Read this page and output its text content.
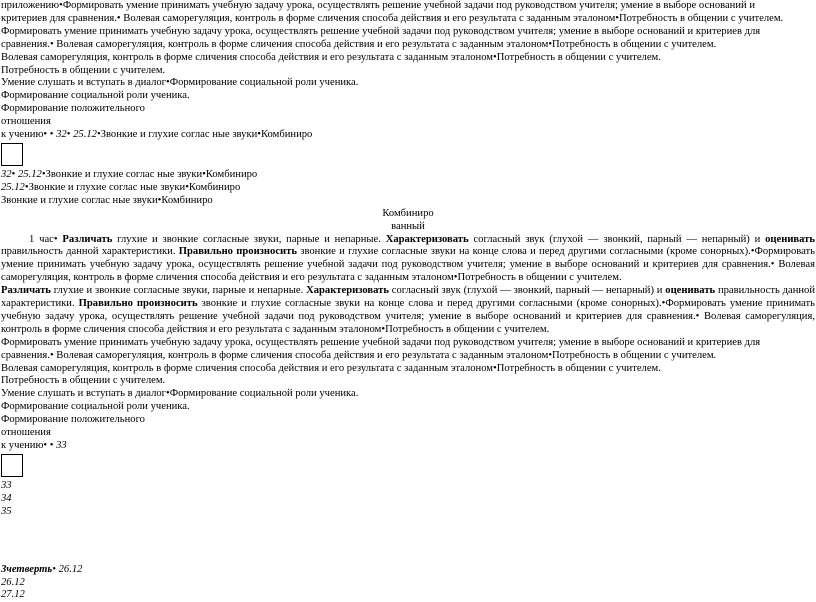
приложению•Формировать умение принимать учебную задачу урока, осуществлять решение учебной задачи под руководством учителя; умение в выборе оснований и
критериев для сравнения.• Волевая саморегуляция, контроль в форме сличения способа действия и его результата с заданным эталоном•Потребность в общении с учителем.
Формировать умение принимать учебную задачу урока, осуществлять решение учебной задачи под руководством учителя; умение в выборе оснований и критериев для
сравнения.• Волевая саморегуляция, контроль в форме сличения способа действия и его результата с заданным эталоном•Потребность в общении с учителем.
Волевая саморегуляция, контроль в форме сличения способа действия и его результата с заданным эталоном•Потребность в общении с учителем.
Потребность в общении с учителем.
Умение слушать и вступать в диалог•Формирование социальной роли ученика.
Формирование социальной роли ученика.
Формирование положительного
отношения
к учению• • 32• 25.12•Звонкие и глухие соглас ные звуки•Комбиниро
32• 25.12•Звонкие и глухие соглас ные звуки•Комбиниро
25.12•Звонкие и глухие соглас ные звуки•Комбиниро
Звонкие и глухие соглас ные звуки•Комбиниро
Комбиниро
ванный
1 час• Различать глухие и звонкие согласные звуки, парные и непарные. Характеризовать согласный звук (глухой — звонкий, парный — непарный) и оценивать правильность данной характеристики. Правильно произносить звонкие и глухие согласные звуки на конце слова и перед другими согласными (кроме сонорных).•Формировать умение принимать учебную задачу урока, осуществлять решение учебной задачи под руководством учителя; умение в выборе оснований и критериев для сравнения.• Волевая саморегуляция, контроль в форме сличения способа действия и его результата с заданным эталоном•Потребность в общении с учителем.
Различать глухие и звонкие согласные звуки, парные и непарные. Характеризовать согласный звук (глухой — звонкий, парный — непарный) и оценивать правильность данной характеристики. Правильно произносить звонкие и глухие согласные звуки на конце слова и перед другими согласными (кроме сонорных).•Формировать умение принимать учебную задачу урока, осуществлять решение учебной задачи под руководством учителя; умение в выборе оснований и критериев для сравнения.• Волевая саморегуляция, контроль в форме сличения способа действия и его результата с заданным эталоном•Потребность в общении с учителем.
Формировать умение принимать учебную задачу урока, осуществлять решение учебной задачи под руководством учителя; умение в выборе оснований и критериев для
сравнения.• Волевая саморегуляция, контроль в форме сличения способа действия и его результата с заданным эталоном•Потребность в общении с учителем.
Волевая саморегуляция, контроль в форме сличения способа действия и его результата с заданным эталоном•Потребность в общении с учителем.
Потребность в общении с учителем.
Умение слушать и вступать в диалог•Формирование социальной роли ученика.
Формирование социальной роли ученика.
Формирование положительного
отношения
к учению• • 33
33
34
35
3четверть• 26.12
26.12
27.12
